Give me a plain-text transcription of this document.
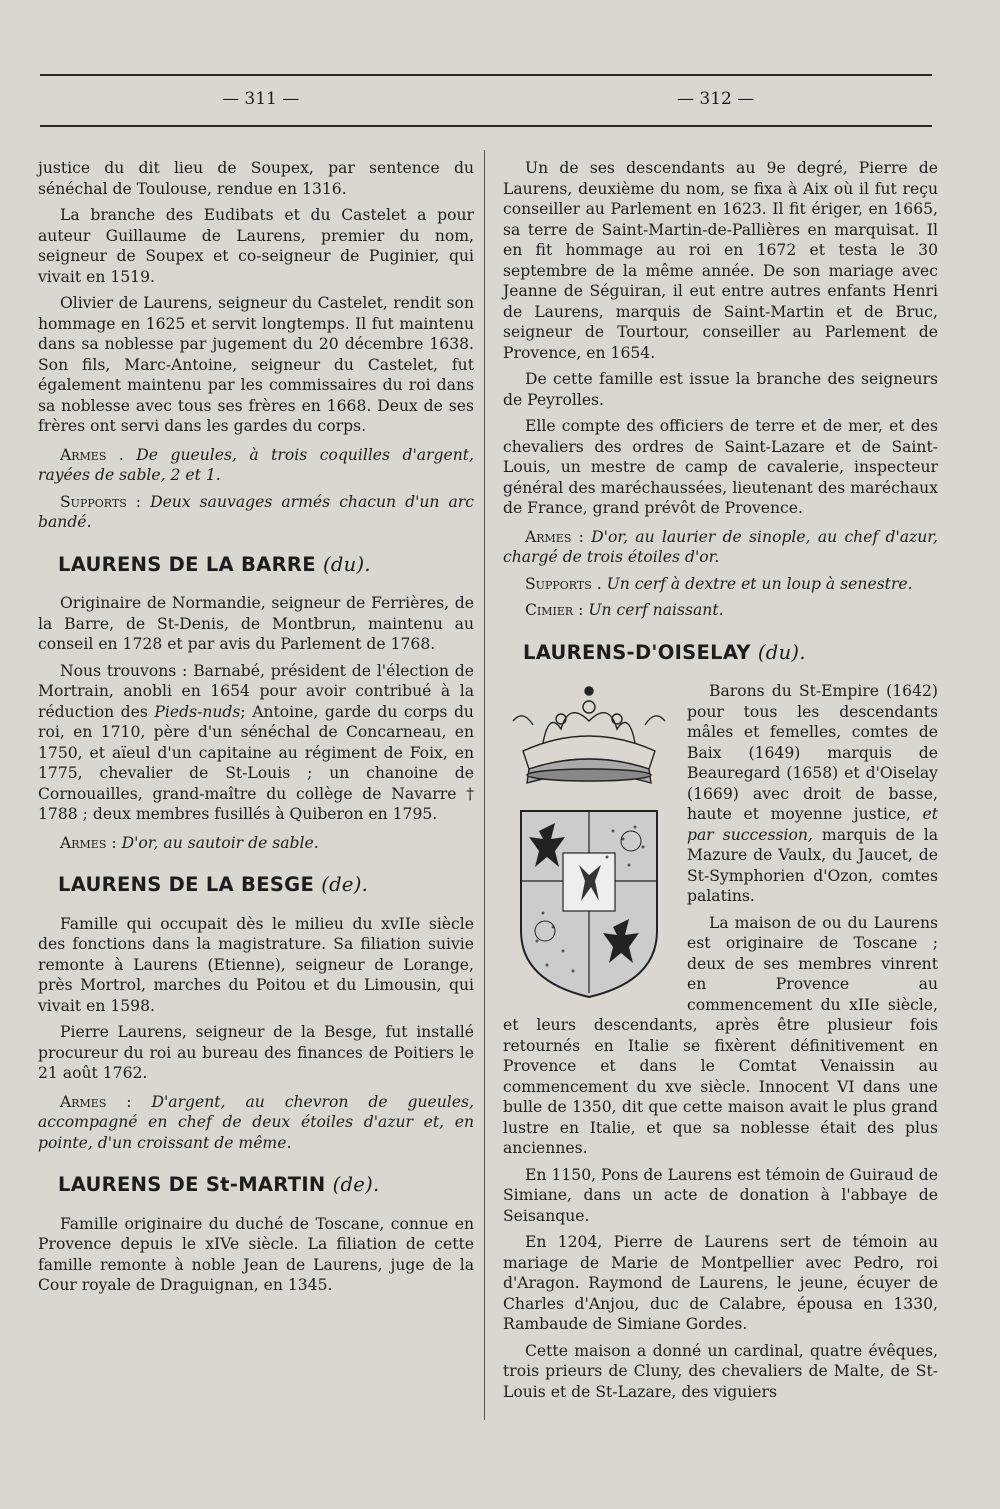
— 311 —	— 312 —

justice du dit lieu de Soupex, par sentence du sénéchal de Toulouse, rendue en 1316.

La branche des Eudibats et du Castelet a pour auteur Guillaume de Laurens, premier du nom, seigneur de Soupex et co-seigneur de Puginier, qui vivait en 1519.

Olivier de Laurens, seigneur du Castelet, rendit son hommage en 1625 et servit longtemps. Il fut maintenu dans sa noblesse par jugement du 20 décembre 1638. Son fils, Marc-Antoine, seigneur du Castelet, fut également maintenu par les commissaires du roi dans sa noblesse avec tous ses frères en 1668. Deux de ses frères ont servi dans les gardes du corps.

Armes . De gueules, à trois coquilles d'argent, rayées de sable, 2 et 1.

Supports : Deux sauvages armés chacun d'un arc bandé.

LAURENS DE LA BARRE (du).

Originaire de Normandie, seigneur de Ferrières, de la Barre, de St-Denis, de Montbrun, maintenu au conseil en 1728 et par avis du Parlement de 1768.

Nous trouvons : Barnabé, président de l'élection de Mortrain, anobli en 1654 pour avoir contribué à la réduction des Pieds-nuds; Antoine, garde du corps du roi, en 1710, père d'un sénéchal de Concarneau, en 1750, et aïeul d'un capitaine au régiment de Foix, en 1775, chevalier de St-Louis ; un chanoine de Cornouailles, grand-maître du collège de Navarre † 1788 ; deux membres fusillés à Quiberon en 1795.

Armes : D'or, au sautoir de sable.

LAURENS DE LA BESGE (de).

Famille qui occupait dès le milieu du xvIIe siècle des fonctions dans la magistrature. Sa filiation suivie remonte à Laurens (Etienne), seigneur de Lorange, près Mortrol, marches du Poitou et du Limousin, qui vivait en 1598.

Pierre Laurens, seigneur de la Besge, fut installé procureur du roi au bureau des finances de Poitiers le 21 août 1762.

Armes : D'argent, au chevron de gueules, accompagné en chef de deux étoiles d'azur et, en pointe, d'un croissant de même.

LAURENS DE St-MARTIN (de).

Famille originaire du duché de Toscane, connue en Provence depuis le xIVe siècle. La filiation de cette famille remonte à noble Jean de Laurens, juge de la Cour royale de Draguignan, en 1345.

Un de ses descendants au 9e degré, Pierre de Laurens, deuxième du nom, se fixa à Aix où il fut reçu conseiller au Parlement en 1623. Il fit ériger, en 1665, sa terre de Saint-Martin-de-Pallières en marquisat. Il en fit hommage au roi en 1672 et testa le 30 septembre de la même année. De son mariage avec Jeanne de Séguiran, il eut entre autres enfants Henri de Laurens, marquis de Saint-Martin et de Bruc, seigneur de Tourtour, conseiller au Parlement de Provence, en 1654.

De cette famille est issue la branche des seigneurs de Peyrolles.

Elle compte des officiers de terre et de mer, et des chevaliers des ordres de Saint-Lazare et de Saint-Louis, un mestre de camp de cavalerie, inspecteur général des maréchaussées, lieutenant des maréchaux de France, grand prévôt de Provence.

Armes : D'or, au laurier de sinople, au chef d'azur, chargé de trois étoiles d'or.

Supports . Un cerf à dextre et un loup à senestre.

Cimier : Un cerf naissant.

LAURENS-D'OISELAY (du).

Barons du St-Empire (1642) pour tous les descendants mâles et femelles, comtes de Baix (1649) marquis de Beauregard (1658) et d'Oiselay (1669) avec droit de basse, haute et moyenne justice, et par succession, marquis de la Mazure de Vaulx, du Jaucet, de St-Symphorien d'Ozon, comtes palatins.

La maison de ou du Laurens est originaire de Toscane ; deux de ses membres vinrent en Provence au commencement du xIIe siècle, et leurs descendants, après être plusieur fois retournés en Italie se fixèrent définitivement en Provence et dans le Comtat Venaissin au commencement du xve siècle. Innocent VI dans une bulle de 1350, dit que cette maison avait le plus grand lustre en Italie, et que sa noblesse était des plus anciennes.

En 1150, Pons de Laurens est témoin de Guiraud de Simiane, dans un acte de donation à l'abbaye de Seisanque.

En 1204, Pierre de Laurens sert de témoin au mariage de Marie de Montpellier avec Pedro, roi d'Aragon. Raymond de Laurens, le jeune, écuyer de Charles d'Anjou, duc de Calabre, épousa en 1330, Rambaude de Simiane Gordes.

Cette maison a donné un cardinal, quatre évêques, trois prieurs de Cluny, des chevaliers de Malte, de St-Louis et de St-Lazare, des viguiers
